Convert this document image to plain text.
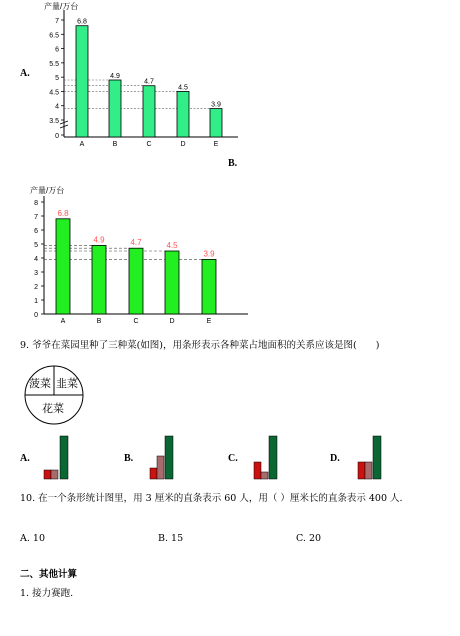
A.
产量/万台
0
3.5
4
4.5
5
5.5
6
6.5
7	6.8
A
4.9
B
4.7
C
4.5
D
3.9
E
B.
产量/万台
0
1
2
3
4
5
6
7
8
6.8
A
4.9
B
4.7
C
4.5
D
3.9
E
9. 爷爷在菜园里种了三种菜(如图)，用条形表示各种菜占地面积的关系应该是图(　　)
菠菜 韭菜
花菜
A.	B.	C.	D.
10. 在一个条形统计图里，用 3 厘米的直条表示 60 人，用（ ）厘米长的直条表示 400 人.
A. 10	B. 15	C. 20
二、其他计算
1. 接力赛跑.
